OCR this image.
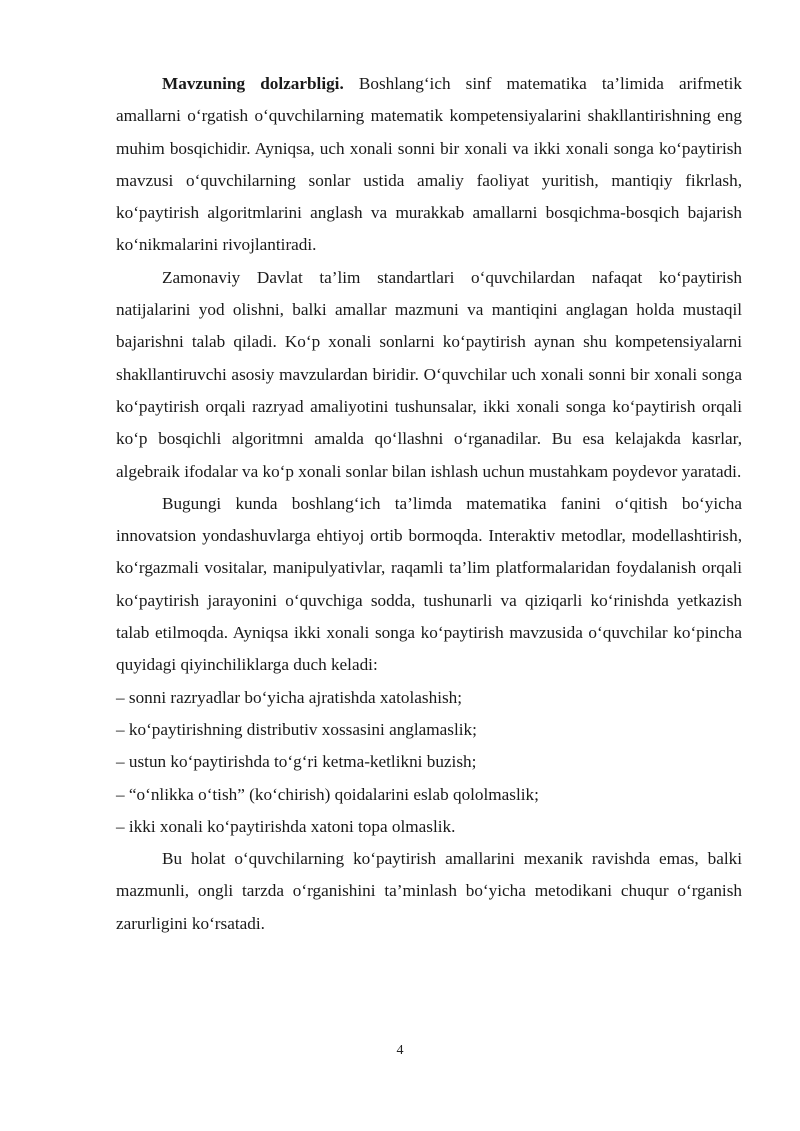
Mavzuning dolzarbligi. Boshlang‘ich sinf matematika ta’limida arifmetik amallarni o‘rgatish o‘quvchilarning matematik kompetensiyalarini shakllantirishning eng muhim bosqichidir. Ayniqsa, uch xonali sonni bir xonali va ikki xonali songa ko‘paytirish mavzusi o‘quvchilarning sonlar ustida amaliy faoliyat yuritish, mantiqiy fikrlash, ko‘paytirish algoritmlarini anglash va murakkab amallarni bosqichma-bosqich bajarish ko‘nikmalarini rivojlantiradi.

Zamonaviy Davlat ta’lim standartlari o‘quvchilardan nafaqat ko‘paytirish natijalarini yod olishni, balki amallar mazmuni va mantiqini anglagan holda mustaqil bajarishni talab qiladi. Ko‘p xonali sonlarni ko‘paytirish aynan shu kompetensiyalarni shakllantiruvchi asosiy mavzulardan biridir. O‘quvchilar uch xonali sonni bir xonali songa ko‘paytirish orqali razryad amaliyotini tushunsalar, ikki xonali songa ko‘paytirish orqali ko‘p bosqichli algoritmni amalda qo‘llashni o‘rganadilar. Bu esa kelajakda kasrlar, algebraik ifodalar va ko‘p xonali sonlar bilan ishlash uchun mustahkam poydevor yaratadi.

Bugungi kunda boshlang‘ich ta’limda matematika fanini o‘qitish bo‘yicha innovatsion yondashuvlarga ehtiyoj ortib bormoqda. Interaktiv metodlar, modellashtirish, ko‘rgazmali vositalar, manipulyativlar, raqamli ta’lim platformalaridan foydalanish orqali ko‘paytirish jarayonini o‘quvchiga sodda, tushunarli va qiziqarli ko‘rinishda yetkazish talab etilmoqda. Ayniqsa ikki xonali songa ko‘paytirish mavzusida o‘quvchilar ko‘pincha quyidagi qiyinchiliklarga duch keladi:

– sonni razryadlar bo‘yicha ajratishda xatolashish;
– ko‘paytirishning distributiv xossasini anglamaslik;
– ustun ko‘paytirishda to‘g‘ri ketma-ketlikni buzish;
– “o‘nlikka o‘tish” (ko‘chirish) qoidalarini eslab qololmaslik;
– ikki xonali ko‘paytirishda xatoni topa olmaslik.

Bu holat o‘quvchilarning ko‘paytirish amallarini mexanik ravishda emas, balki mazmunli, ongli tarzda o‘rganishini ta’minlash bo‘yicha metodikani chuqur o‘rganish zarurligini ko‘rsatadi.

4
